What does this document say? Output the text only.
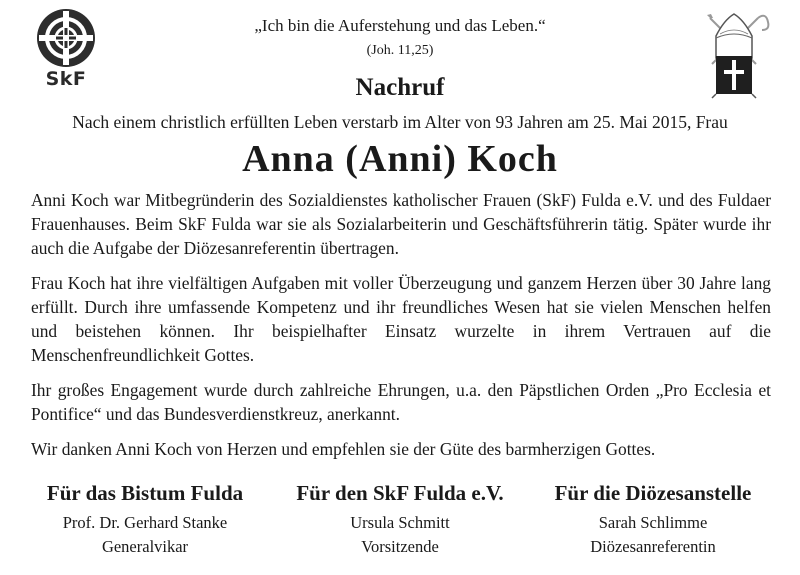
SkF
„Ich bin die Auferstehung und das Leben.“
(Joh. 11,25)
Nachruf
Nach einem christlich erfüllten Leben verstarb im Alter von 93 Jahren am 25. Mai 2015, Frau
Anna (Anni) Koch

Anni Koch war Mitbegründerin des Sozialdienstes katholischer Frauen (SkF) Fulda e.V. und des Fuldaer Frauenhauses. Beim SkF Fulda war sie als Sozialarbeiterin und Geschäftsführerin tätig. Später wurde ihr auch die Aufgabe der Diözesanreferentin übertragen.

Frau Koch hat ihre vielfältigen Aufgaben mit voller Überzeugung und ganzem Herzen über 30 Jahre lang erfüllt. Durch ihre umfassende Kompetenz und ihr freundliches Wesen hat sie vielen Menschen helfen und beistehen können. Ihr beispielhafter Einsatz wurzelte in ihrem Vertrauen auf die Menschenfreundlichkeit Gottes.

Ihr großes Engagement wurde durch zahlreiche Ehrungen, u.a. den Päpstlichen Orden „Pro Ecclesia et Pontifice“ und das Bundesverdienstkreuz, anerkannt.

Wir danken Anni Koch von Herzen und empfehlen sie der Güte des barmherzigen Gottes.

Für das Bistum Fulda
Prof. Dr. Gerhard Stanke
Generalvikar
Für den SkF Fulda e.V.
Ursula Schmitt
Vorsitzende
Für die Diözesanstelle
Sarah Schlimme
Diözesanreferentin
